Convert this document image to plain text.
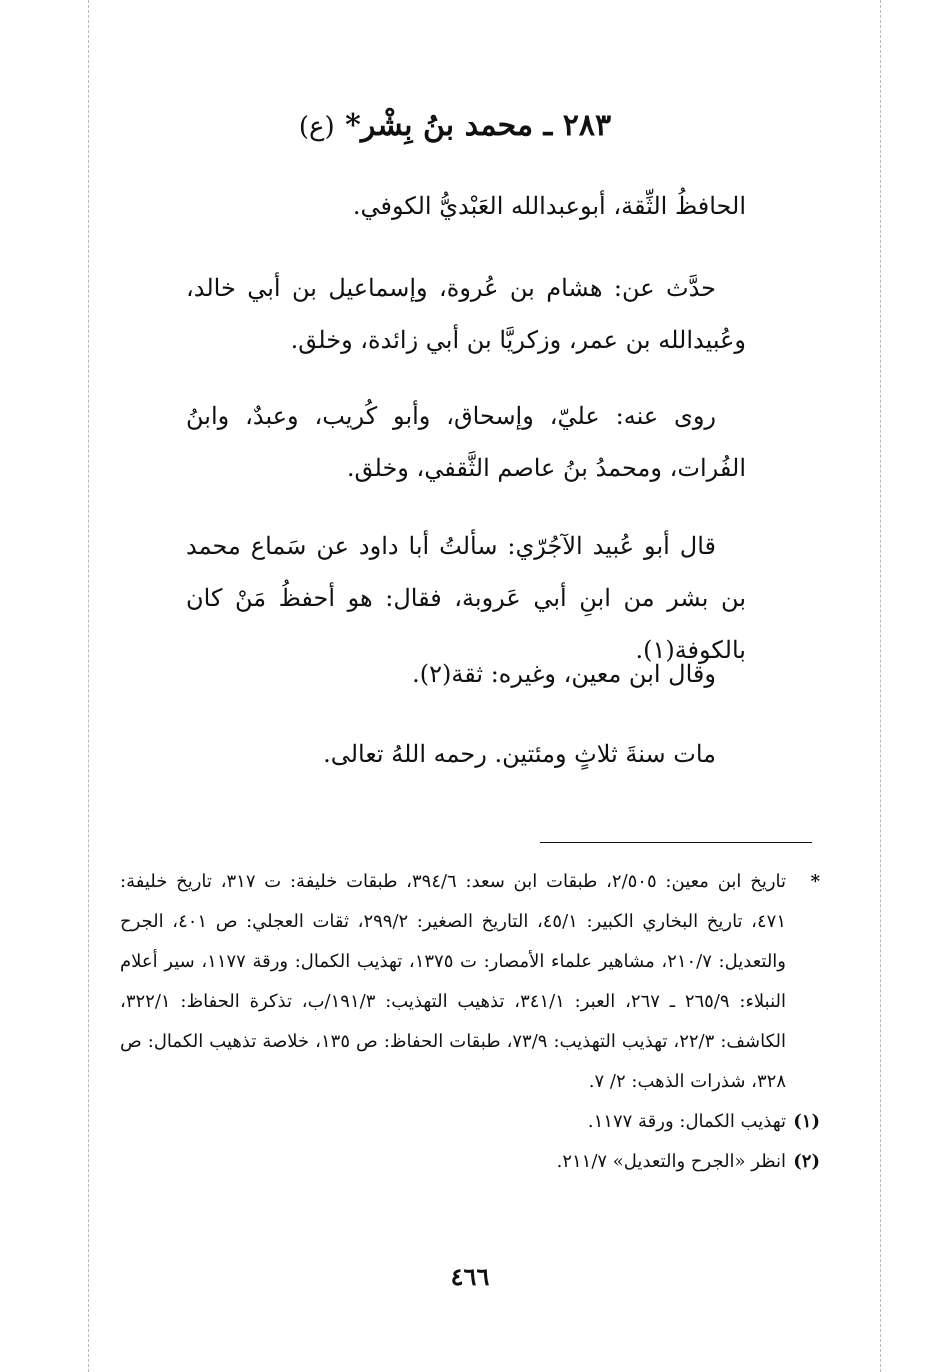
٢٨٣ ـ محمد بنُ بِشْر* (ع)
الحافظُ الثِّقة، أبوعبدالله العَبْديُّ الكوفي.
حدَّث عن: هشام بن عُروة، وإسماعيل بن أبي خالد، وعُبيدالله بن عمر، وزكريَّا بن أبي زائدة، وخلق.
روى عنه: عليّ، وإسحاق، وأبو كُريب، وعبدٌ، وابنُ الفُرات، ومحمدُ بنُ عاصم الثَّقفي، وخلق.
قال أبو عُبيد الآجُرّي: سألتُ أبا داود عن سَماع محمد بن بشر من ابنِ أبي عَروبة، فقال: هو أحفظُ مَنْ كان بالكوفة(١).
وقال ابن معين، وغيره: ثقة(٢).
مات سنةَ ثلاثٍ ومئتين. رحمه اللهُ تعالى.
*
تاريخ ابن معين: ٢/٥٠٥، طبقات ابن سعد: ٣٩٤/٦، طبقات خليفة: ت ٣١٧، تاريخ خليفة: ٤٧١، تاريخ البخاري الكبير: ٤٥/١، التاريخ الصغير: ٢٩٩/٢، ثقات العجلي: ص ٤٠١، الجرح والتعديل: ٢١٠/٧، مشاهير علماء الأمصار: ت ١٣٧٥، تهذيب الكمال: ورقة ١١٧٧، سير أعلام النبلاء: ٢٦٥/٩ ـ ٢٦٧، العبر: ٣٤١/١، تذهيب التهذيب: ١٩١/٣/ب، تذكرة الحفاظ: ٣٢٢/١، الكاشف: ٢٢/٣، تهذيب التهذيب: ٧٣/٩، طبقات الحفاظ: ص ١٣٥، خلاصة تذهيب الكمال: ص ٣٢٨، شذرات الذهب: ٢/ ٧.
(١)
تهذيب الكمال: ورقة ١١٧٧.
(٢)
انظر «الجرح والتعديل» ٢١١/٧.
٤٦٦
